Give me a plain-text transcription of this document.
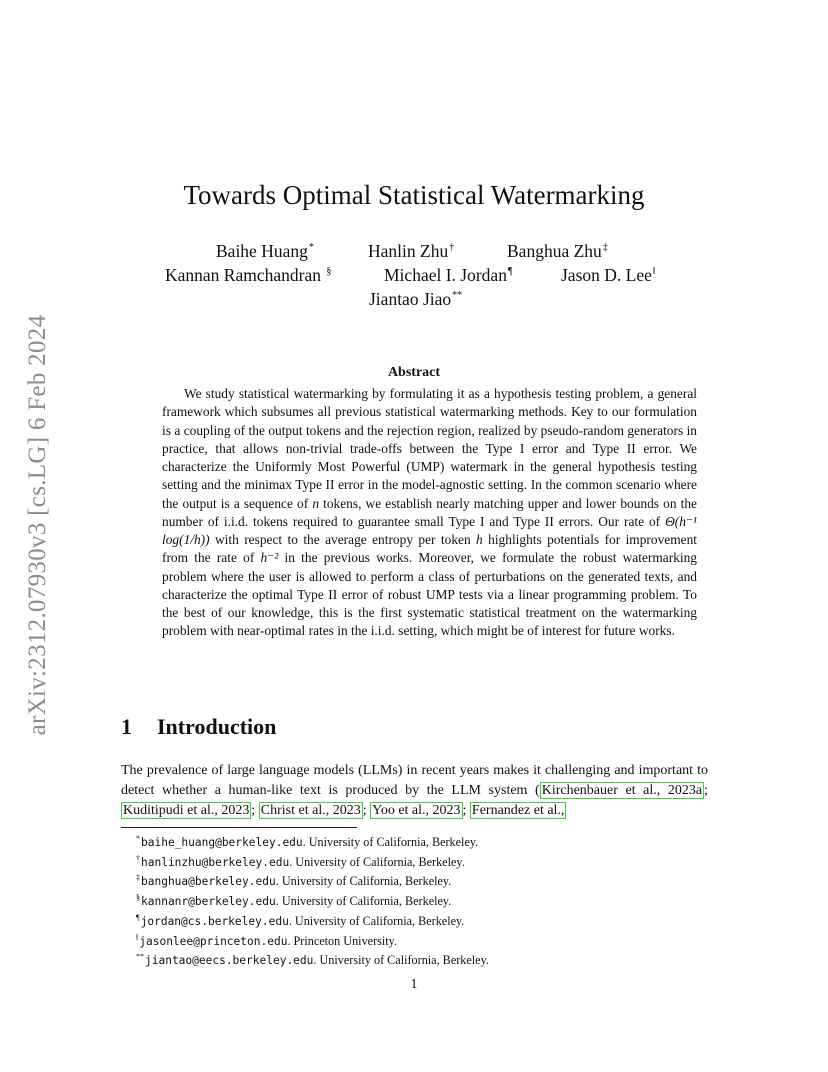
arXiv:2312.07930v3 [cs.LG] 6 Feb 2024
Towards Optimal Statistical Watermarking
Baihe Huang*	Hanlin Zhu†	Banghua Zhu‡
Kannan Ramchandran §	Michael I. Jordan¶	Jason D. Lee‖
Jiantao Jiao**
Abstract

We study statistical watermarking by formulating it as a hypothesis testing problem, a general framework which subsumes all previous statistical watermarking methods. Key to our formulation is a coupling of the output tokens and the rejection region, realized by pseudo-random generators in practice, that allows non-trivial trade-offs between the Type I error and Type II error. We characterize the Uniformly Most Powerful (UMP) watermark in the general hypothesis testing setting and the minimax Type II error in the model-agnostic setting. In the common scenario where the output is a sequence of n tokens, we establish nearly matching upper and lower bounds on the number of i.i.d. tokens required to guarantee small Type I and Type II errors. Our rate of Θ(h⁻¹ log(1/h)) with respect to the average entropy per token h highlights potentials for improvement from the rate of h⁻² in the previous works. Moreover, we formulate the robust watermarking problem where the user is allowed to perform a class of perturbations on the generated texts, and characterize the optimal Type II error of robust UMP tests via a linear programming problem. To the best of our knowledge, this is the first systematic statistical treatment on the watermarking problem with near-optimal rates in the i.i.d. setting, which might be of interest for future works.

1 Introduction

The prevalence of large language models (LLMs) in recent years makes it challenging and important to detect whether a human-like text is produced by the LLM system ( Kirchenbauer et al., 2023a ; Kuditipudi et al., 2023 ; Christ et al., 2023 ; Yoo et al., 2023 ; Fernandez et al.,

*baihe_huang@berkeley.edu. University of California, Berkeley.
†hanlinzhu@berkeley.edu. University of California, Berkeley.
‡banghua@berkeley.edu. University of California, Berkeley.
§kannanr@berkeley.edu. University of California, Berkeley.
¶jordan@cs.berkeley.edu. University of California, Berkeley.
‖jasonlee@princeton.edu. Princeton University.
**jiantao@eecs.berkeley.edu. University of California, Berkeley.
1
